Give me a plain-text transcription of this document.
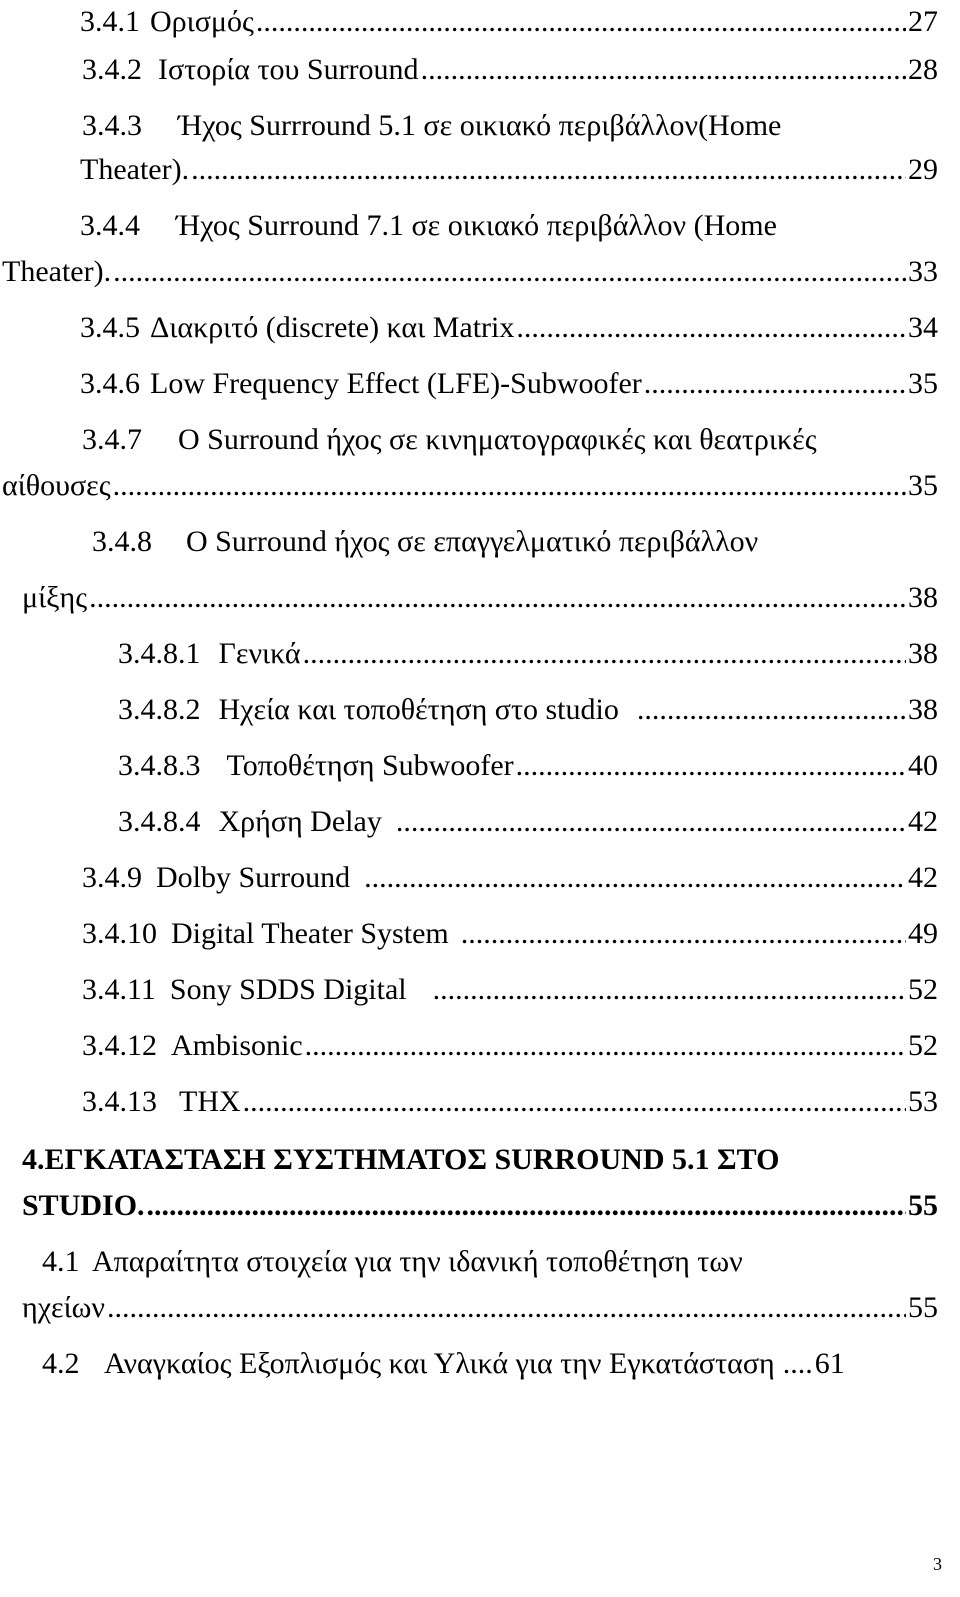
3.4.1 Ορισμός .....	27
3.4.2 Ιστορία του Surround .....	28
3.4.3	Ήχος Surrround 5.1 σε οικιακό περιβάλλον(Home
Theater). .....	29
3.4.4	Ήχος Surround 7.1 σε οικιακό περιβάλλον (Home
Theater). .....	33
3.4.5 Διακριτό (discrete) και Matrix .....	34
3.4.6 Low Frequency Effect (LFE)-Subwoofer .....	35
3.4.7	O Surround ήχος σε κινηματογραφικές και θεατρικές
αίθουσες .....	35
3.4.8	O Surround ήχος σε επαγγελματικό περιβάλλον
μίξης .....	38
3.4.8.1 Γενικά .....	38
3.4.8.2 Ηχεία και τοποθέτηση στο studio .....	38
3.4.8.3 Τοποθέτηση Subwoofer .....	40
3.4.8.4 Χρήση Delay .....	42
3.4.9 Dolby Surround .....	42
3.4.10 Digital Theater System .....	49
3.4.11 Sony SDDS Digital .....	52
3.4.12 Ambisonic .....	52
3.4.13 THX .....	53
4. ΕΓΚΑΤΑΣΤΑΣΗ ΣΥΣΤΗΜΑΤΟΣ SURROUND 5.1 ΣΤΟ
STUDIO. .....	55
4.1 Απαραίτητα στοιχεία για την ιδανική τοποθέτηση των
ηχείων .....	55
4.2 Αναγκαίος Εξοπλισμός και Υλικά για την Εγκατάσταση ..... 61
3
